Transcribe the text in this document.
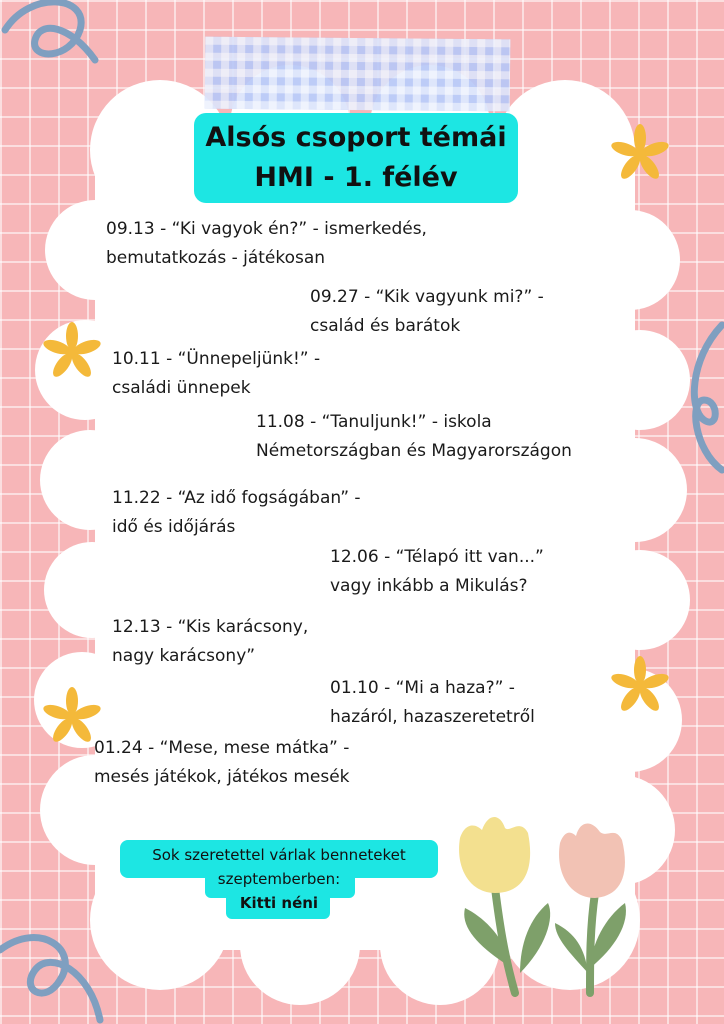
Alsós csoport témái
HMI - 1. félév
09.13 - “Ki vagyok én?” - ismerkedés,
bemutatkozás - játékosan
09.27 - “Kik vagyunk mi?” -
család és barátok
10.11 - “Ünnepeljünk!” -
családi ünnepek
11.08 - “Tanuljunk!” - iskola
Németországban és Magyarországon
11.22 - “Az idő fogságában” -
idő és időjárás
12.06 - “Télapó itt van...”
vagy inkább a Mikulás?
12.13 - “Kis karácsony,
nagy karácsony”
01.10 - “Mi a haza?” -
hazáról, hazaszeretetről
01.24 - “Mese, mese mátka” -
mesés játékok, játékos mesék
Sok szeretettel várlak benneteket
szeptemberben:
Kitti néni
